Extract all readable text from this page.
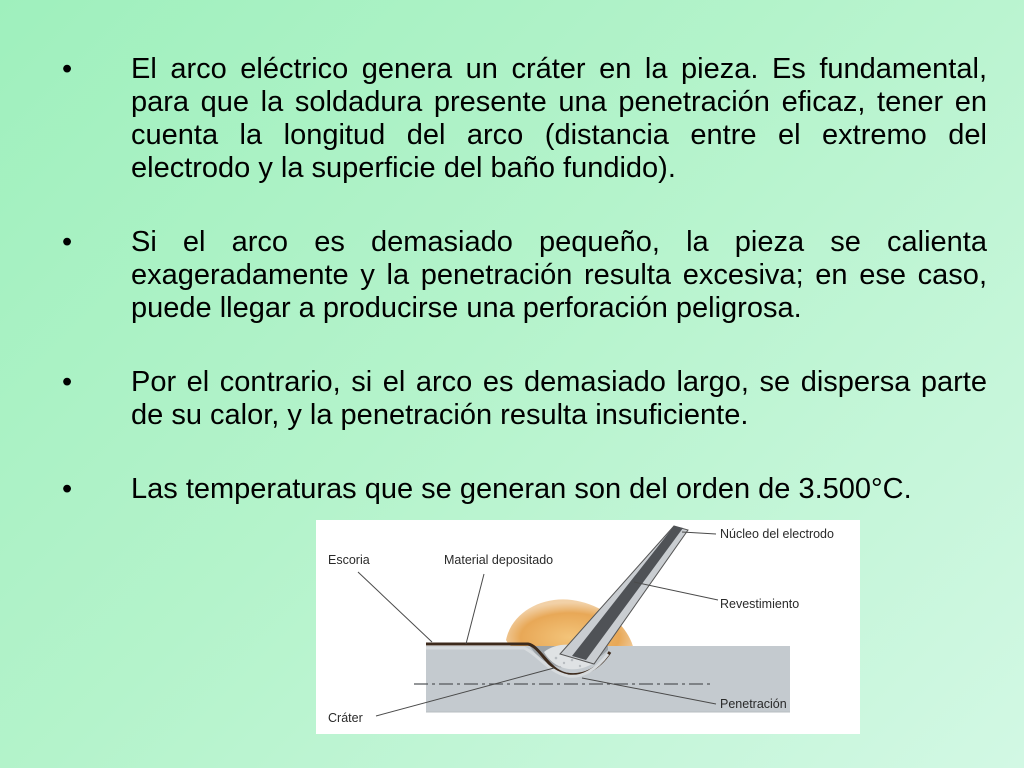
• El arco eléctrico genera un cráter en la pieza. Es fundamental, para que la soldadura presente una penetración eficaz, tener en cuenta la longitud del arco (distancia entre el extremo del electrodo y la superficie del baño fundido).
• Si el arco es demasiado pequeño, la pieza se calienta exageradamente y la penetración resulta excesiva; en ese caso, puede llegar a producirse una perforación peligrosa.
• Por el contrario, si el arco es demasiado largo, se dispersa parte de su calor, y la penetración resulta insuficiente.
• Las temperaturas que se generan son del orden de 3.500°C.
Escoria	Material depositado
Núcleo del electrodo
Revestimiento
Penetración
Cráter
